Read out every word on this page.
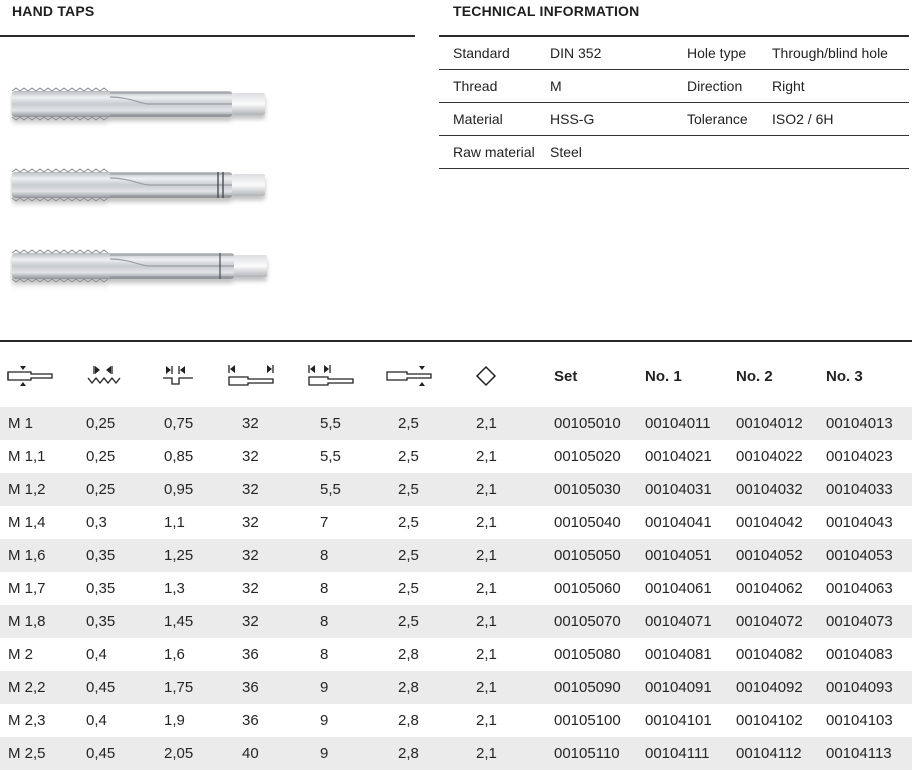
HAND TAPS	TECHNICAL INFORMATION
Standard	DIN 352	Hole type	Through/blind hole
Thread	M	Direction	Right
Material	HSS-G	Tolerance	ISO2 / 6H
Raw material	Steel
Set	No. 1	No. 2	No. 3
M 1	0,25	0,75	32	5,5	2,5	2,1	00105010 00104011 00104012 00104013
M 1,1	0,25	0,85	32	5,5	2,5	2,1	00105020 00104021 00104022 00104023
M 1,2	0,25	0,95	32	5,5	2,5	2,1	00105030 00104031 00104032 00104033
M 1,4	0,3	1,1	32	7	2,5	2,1	00105040 00104041 00104042 00104043
M 1,6	0,35	1,25	32	8	2,5	2,1	00105050 00104051 00104052 00104053
M 1,7	0,35	1,3	32	8	2,5	2,1	00105060 00104061 00104062 00104063
M 1,8	0,35	1,45	32	8	2,5	2,1	00105070 00104071 00104072 00104073
M 2	0,4	1,6	36	8	2,8	2,1	00105080 00104081 00104082 00104083
M 2,2	0,45	1,75	36	9	2,8	2,1	00105090 00104091 00104092 00104093
M 2,3	0,4	1,9	36	9	2,8	2,1	00105100 00104101 00104102 00104103
M 2,5	0,45	2,05	40	9	2,8	2,1	00105110 00104111 00104112 00104113
